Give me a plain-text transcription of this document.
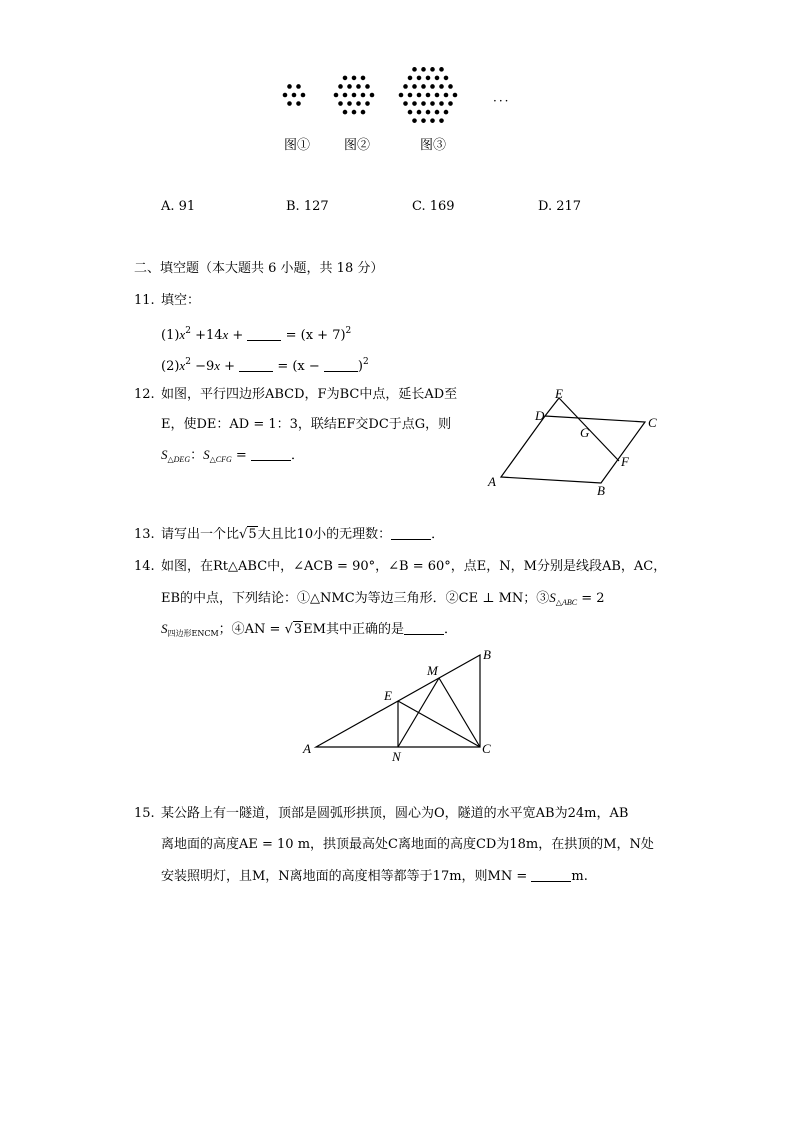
···
图①	图②	图③
A. 91	B. 127	C. 169	D. 217
二、填空题（本大题共 6 小题，共 18 分）
11. 填空：
$(1)x^2 +14x$ +	= $(x + 7)^2$
$(2)x^2 -9x$ +	= (x −	)$^2$
12. 如图，平行四边形ABCD，F为BC中点，延长AD至
E，使DE：AD = 1：3，联结EF交DC于点G，则
$S_{\triangle DEG}$：$S_{\triangle CFG}$ =	．
A
B
C
D
E
F
G
13. 请写出一个比√5大且比10小的无理数：	．
14. 如图，在Rt△ABC中，∠ACB = 90°，∠B = 60°，点E，N，M分别是线段AB，AC，
EB的中点，下列结论：①△NMC为等边三角形．②CE ⊥ MN；$③S_{\triangle ABC} = 2$
$S_{四边形ENCM}$；④AN = √3EM其中正确的是	．
A
B
C
E
M
N
15. 某公路上有一隧道，顶部是圆弧形拱顶，圆心为O，隧道的水平宽AB为24m，AB
离地面的高度AE = 10 m，拱顶最高处C离地面的高度CD为18m，在拱顶的M，N处
安装照明灯，且M，N离地面的高度相等都等于17m，则MN =	m.
